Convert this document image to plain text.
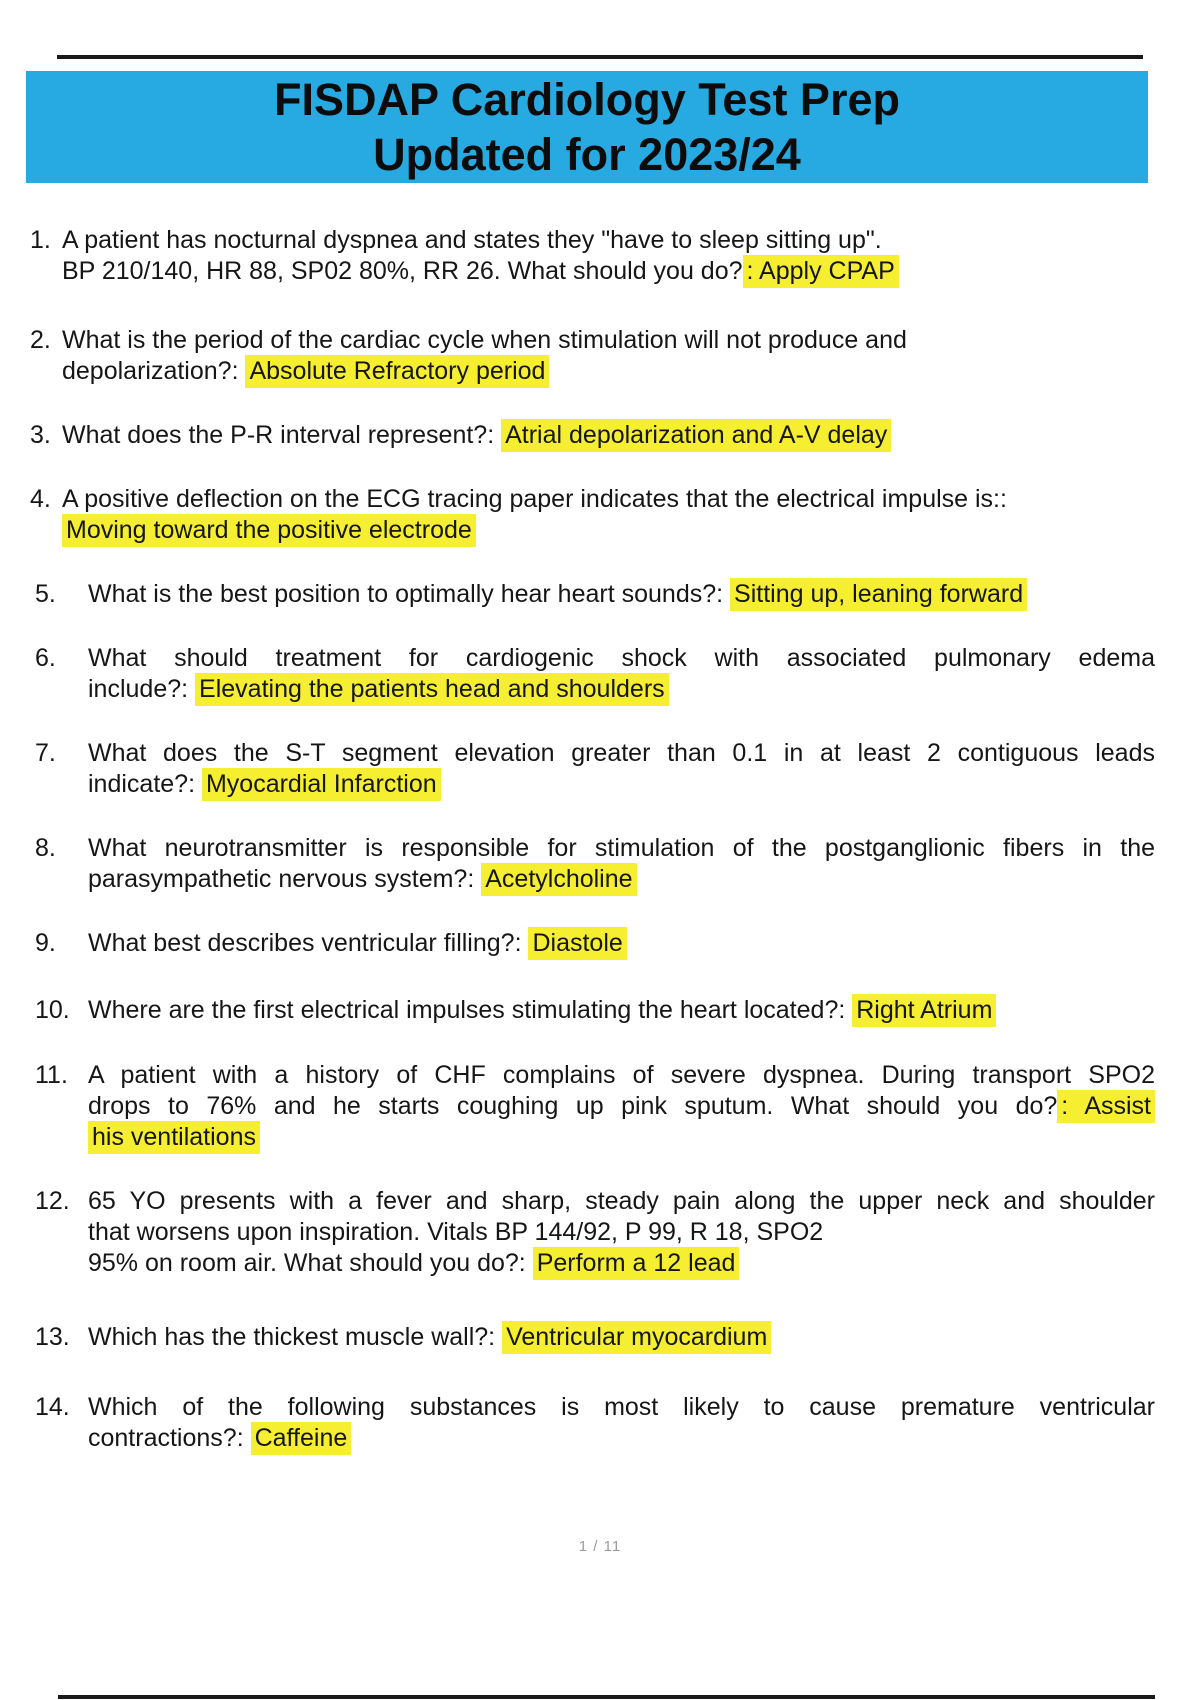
FISDAP Cardiology Test Prep
Updated for 2023/24
1. A patient has nocturnal dyspnea and states they "have to sleep sitting up".
BP 210/140, HR 88, SP02 80%, RR 26. What should you do? : Apply CPAP
2. What is the period of the cardiac cycle when stimulation will not produce and
depolarization?: Absolute Refractory period
3. What does the P-R interval represent?: Atrial depolarization and A-V delay
4. A positive deflection on the ECG tracing paper indicates that the electrical impulse is::
Moving toward the positive electrode
5.	What is the best position to optimally hear heart sounds?: Sitting up, leaning forward
6.	What should treatment for cardiogenic shock with associated pulmonary edema
include?: Elevating the patients head and shoulders
7.	What does the S-T segment elevation greater than 0.1 in at least 2 contiguous leads
indicate?: Myocardial Infarction
8.	What neurotransmitter is responsible for stimulation of the postganglionic fibers in the
parasympathetic nervous system?: Acetylcholine
9.	What best describes ventricular filling?: Diastole
10. Where are the first electrical impulses stimulating the heart located?: Right Atrium
11. A patient with a history of CHF complains of severe dyspnea. During transport SPO2
drops to 76% and he starts coughing up pink sputum. What should you do? : Assist
his ventilations
12. 65 YO presents with a fever and sharp, steady pain along the upper neck and shoulder
that worsens upon inspiration. Vitals BP 144/92, P 99, R 18, SPO2
95% on room air. What should you do?: Perform a 12 lead
13. Which has the thickest muscle wall?: Ventricular myocardium
14. Which of the following substances is most likely to cause premature ventricular
contractions?: Caffeine
1 / 11
